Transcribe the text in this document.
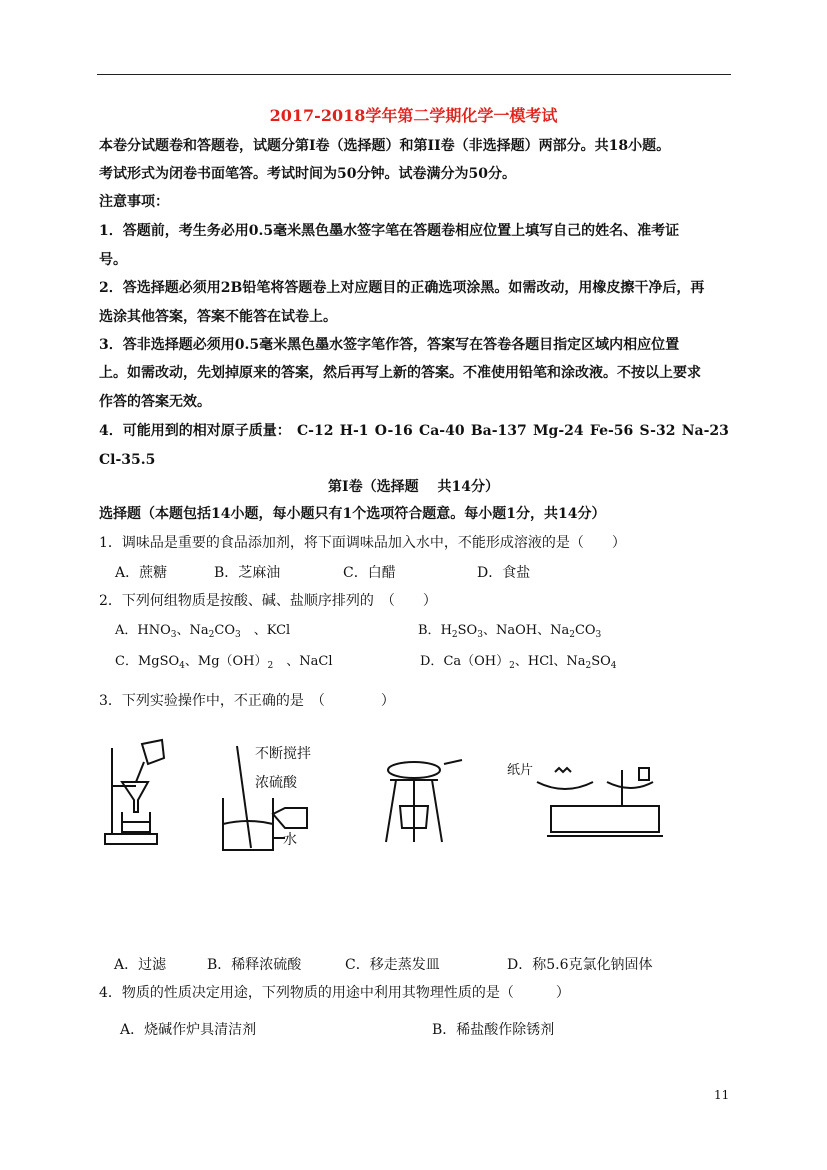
2017-2018学年第二学期化学一模考试
本卷分试题卷和答题卷，试题分第Ⅰ卷（选择题）和第II卷（非选择题）两部分。共18小题。
考试形式为闭卷书面笔答。考试时间为50分钟。试卷满分为50分。
注意事项：
1．答题前，考生务必用0.5毫米黑色墨水签字笔在答题卷相应位置上填写自己的姓名、准考证
号。
2．答选择题必须用2B铅笔将答题卷上对应题目的正确选项涂黑。如需改动，用橡皮擦干净后，再
选涂其他答案，答案不能答在试卷上。
3．答非选择题必须用0.5毫米黑色墨水签字笔作答，答案写在答卷各题目指定区域内相应位置
上。如需改动，先划掉原来的答案，然后再写上新的答案。不准使用铅笔和涂改液。不按以上要求
作答的答案无效。
4．可能用到的相对原子质量： C-12 H-1 O-16 Ca-40 Ba-137 Mg-24 Fe-56 S-32 Na-23
Cl-35.5
第Ⅰ卷（选择题　 共14分）
选择题（本题包括14小题，每小题只有1个选项符合题意。每小题1分，共14分）
1．调味品是重要的食品添加剂，将下面调味品加入水中，不能形成溶液的是（　　）
A．蔗糖	B．芝麻油	C．白醋	D．食盐
2．下列何组物质是按酸、碱、盐顺序排列的　（　　）
A．$HNO_3$、$Na_2CO_3$　、KCl	B．$H_2SO_3$、NaOH、$Na_2CO_3$
C．MgSO$_4$、$Mg(OH)_2$　、NaCl	D．$Ca(OH)_2$、HCl、$Na_2SO_4$
3．下列实验操作中，不正确的是　（　　　　）
不断搅拌
浓硫酸
水
纸片
A．过滤	B．稀释浓硫酸	C．移走蒸发皿	D．称5.6克氯化钠固体
4．物质的性质决定用途，下列物质的用途中利用其物理性质的是（　　　）
A．烧碱作炉具清洁剂	B．稀盐酸作除锈剂
11
